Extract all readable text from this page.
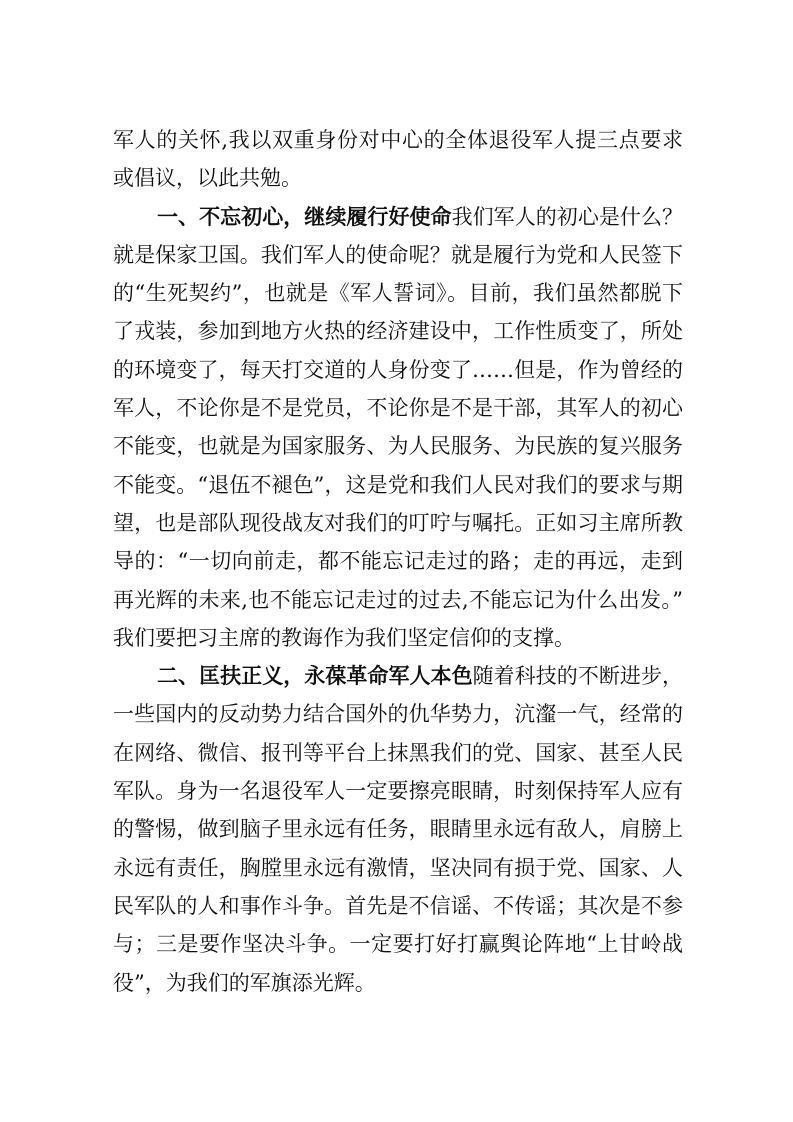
军人的关怀,我以双重身份对中心的全体退役军人提三点要求
或倡议，以此共勉。
一、不忘初心，继续履行好使命我们军人的初心是什么？
就是保家卫国。我们军人的使命呢？就是履行为党和人民签下
的“生死契约”，也就是《军人誓词》。目前，我们虽然都脱下
了戎装，参加到地方火热的经济建设中，工作性质变了，所处
的环境变了，每天打交道的人身份变了……但是，作为曾经的
军人，不论你是不是党员，不论你是不是干部，其军人的初心
不能变，也就是为国家服务、为人民服务、为民族的复兴服务
不能变。“退伍不褪色”，这是党和我们人民对我们的要求与期
望，也是部队现役战友对我们的叮咛与嘱托。正如习主席所教
导的：“一切向前走，都不能忘记走过的路；走的再远，走到
再光辉的未来,也不能忘记走过的过去,不能忘记为什么出发。”
我们要把习主席的教诲作为我们坚定信仰的支撑。
二、匡扶正义，永葆革命军人本色随着科技的不断进步，
一些国内的反动势力结合国外的仇华势力，沆瀣一气，经常的
在网络、微信、报刊等平台上抹黑我们的党、国家、甚至人民
军队。身为一名退役军人一定要擦亮眼睛，时刻保持军人应有
的警惕，做到脑子里永远有任务，眼睛里永远有敌人，肩膀上
永远有责任，胸膛里永远有激情，坚决同有损于党、国家、人
民军队的人和事作斗争。首先是不信谣、不传谣；其次是不参
与；三是要作坚决斗争。一定要打好打赢舆论阵地“上甘岭战
役”，为我们的军旗添光辉。
